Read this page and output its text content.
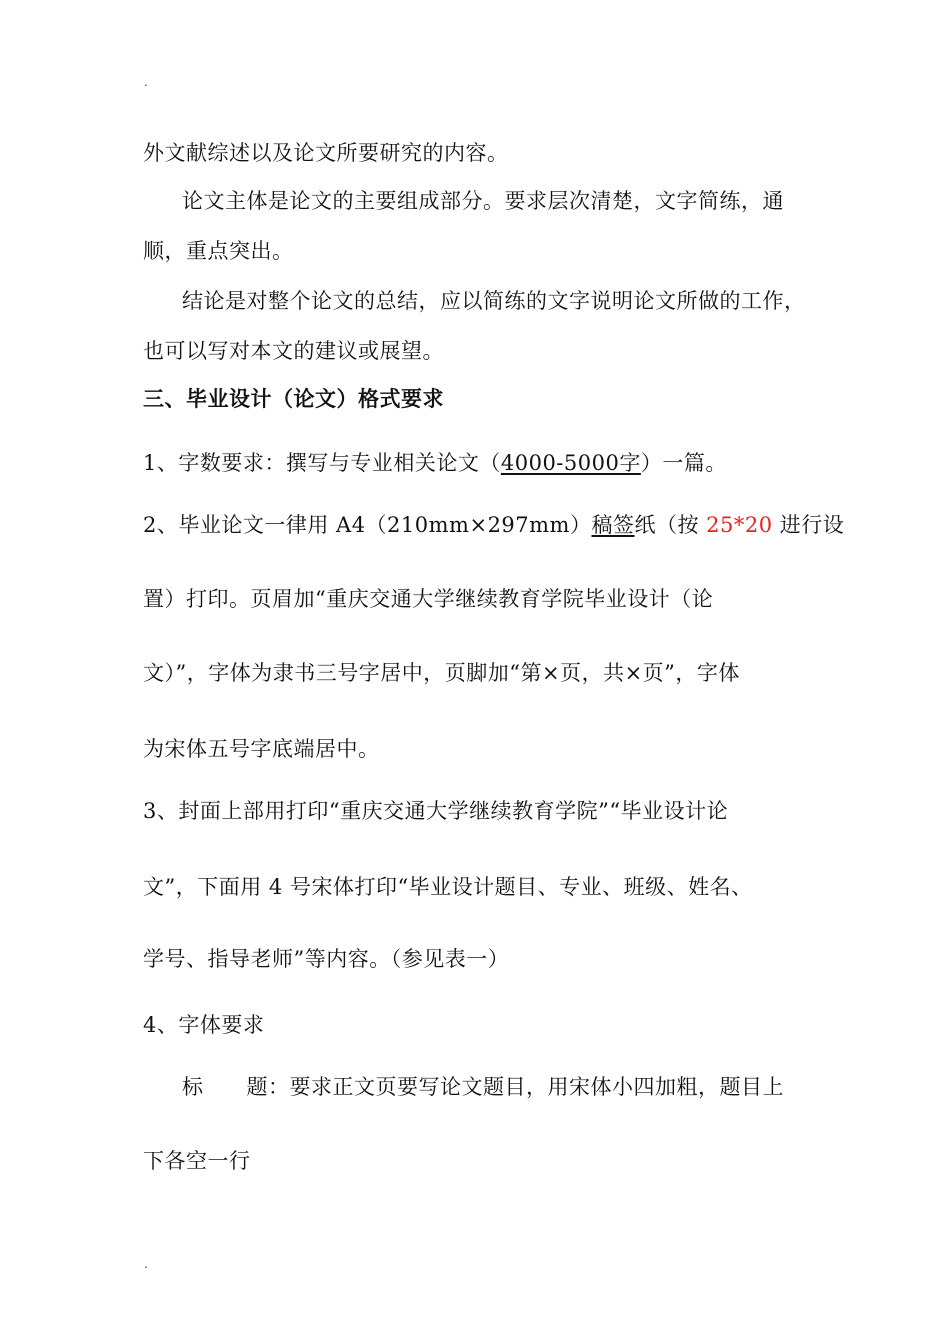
.
外文献综述以及论文所要研究的内容。
论文主体是论文的主要组成部分。要求层次清楚，文字简练，通
顺，重点突出。
结论是对整个论文的总结，应以简练的文字说明论文所做的工作，
也可以写对本文的建议或展望。
三、毕业设计（论文）格式要求
1、字数要求：撰写与专业相关论文（4000-5000字）一篇。
2、毕业论文一律用 A4（210mm×297mm）稿签纸（按 25*20 进行设
置）打印。页眉加“重庆交通大学继续教育学院毕业设计（论
文）”，字体为隶书三号字居中，页脚加“第×页，共×页”，字体
为宋体五号字底端居中。
3、封面上部用打印“重庆交通大学继续教育学院”“毕业设计论
文”，下面用 4 号宋体打印“毕业设计题目、专业、班级、姓名、
学号、指导老师”等内容。（参见表一）
4、字体要求
标　　题：要求正文页要写论文题目，用宋体小四加粗，题目上
下各空一行
.
